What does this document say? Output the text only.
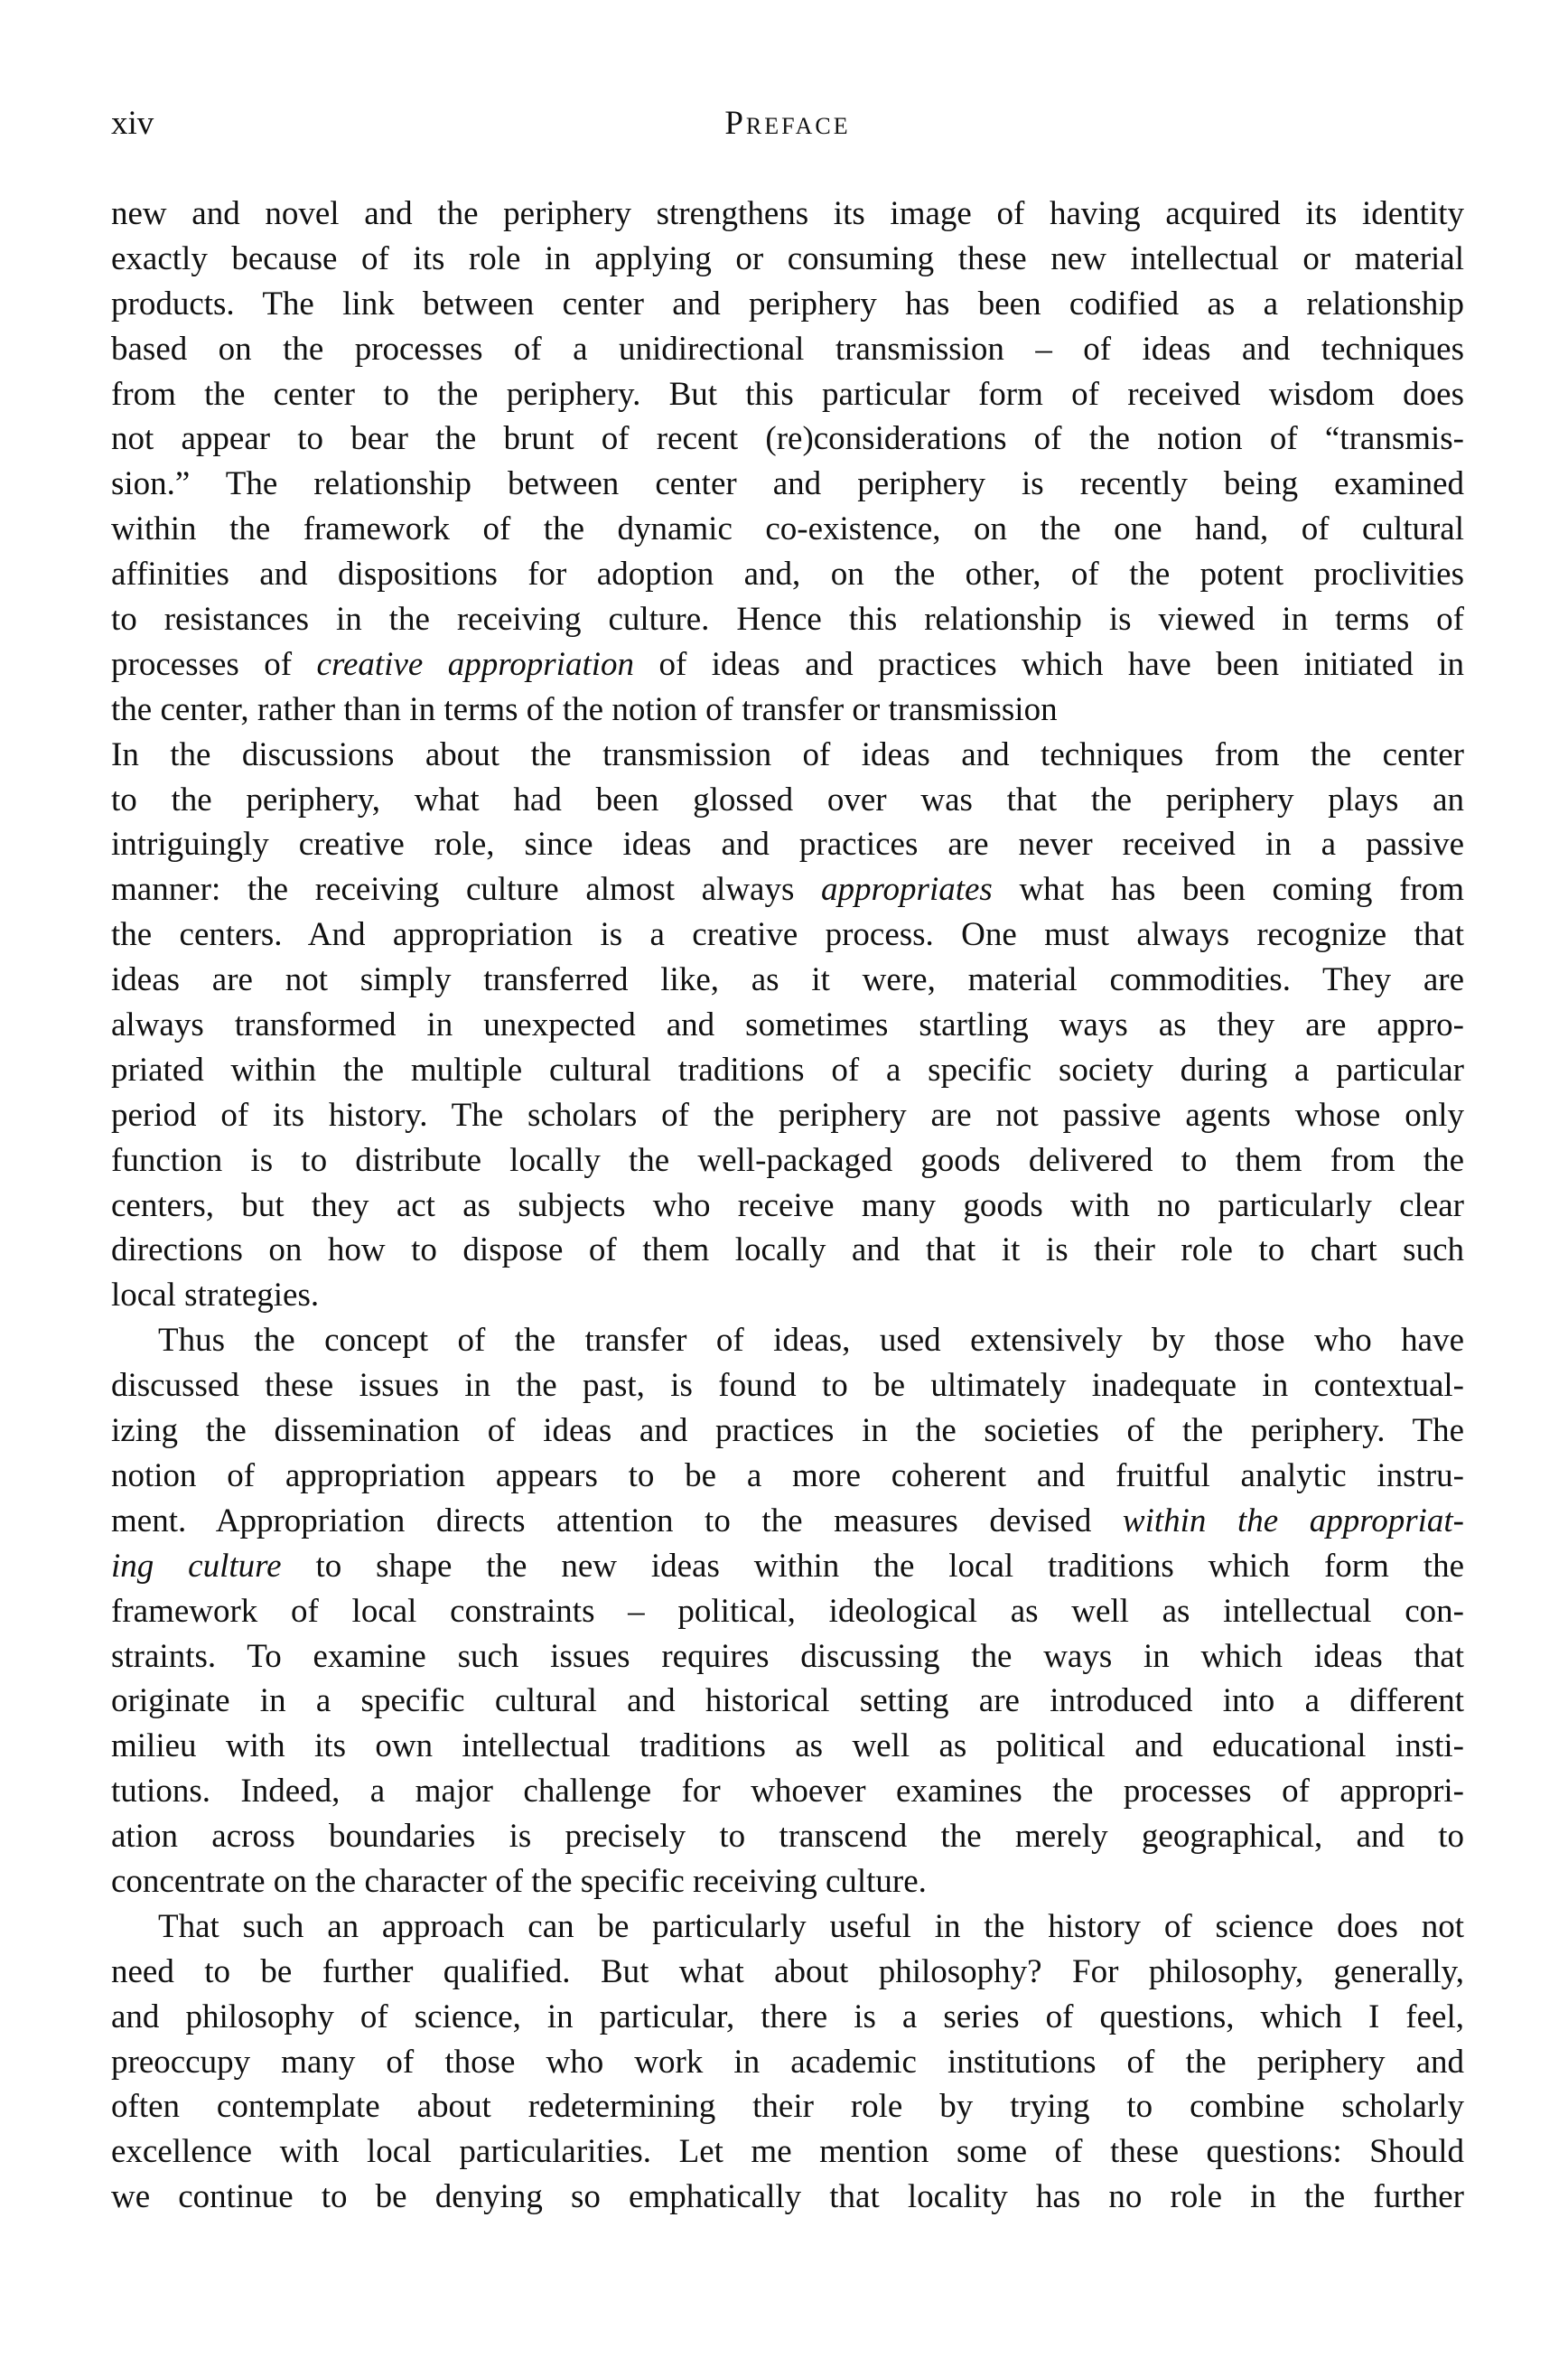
xiv	Preface
new and novel and the periphery strengthens its image of having acquired its identity
exactly because of its role in applying or consuming these new intellectual or material
products. The link between center and periphery has been codified as a relationship
based on the processes of a unidirectional transmission – of ideas and techniques
from the center to the periphery. But this particular form of received wisdom does
not appear to bear the brunt of recent (re)considerations of the notion of “transmis-
sion.” The relationship between center and periphery is recently being examined
within the framework of the dynamic co-existence, on the one hand, of cultural
affinities and dispositions for adoption and, on the other, of the potent proclivities
to resistances in the receiving culture. Hence this relationship is viewed in terms of
processes of creative appropriation of ideas and practices which have been initiated in
the center, rather than in terms of the notion of transfer or transmission
In the discussions about the transmission of ideas and techniques from the center
to the periphery, what had been glossed over was that the periphery plays an
intriguingly creative role, since ideas and practices are never received in a passive
manner: the receiving culture almost always appropriates what has been coming from
the centers. And appropriation is a creative process. One must always recognize that
ideas are not simply transferred like, as it were, material commodities. They are
always transformed in unexpected and sometimes startling ways as they are appro-
priated within the multiple cultural traditions of a specific society during a particular
period of its history. The scholars of the periphery are not passive agents whose only
function is to distribute locally the well-packaged goods delivered to them from the
centers, but they act as subjects who receive many goods with no particularly clear
directions on how to dispose of them locally and that it is their role to chart such
local strategies.
Thus the concept of the transfer of ideas, used extensively by those who have
discussed these issues in the past, is found to be ultimately inadequate in contextual-
izing the dissemination of ideas and practices in the societies of the periphery. The
notion of appropriation appears to be a more coherent and fruitful analytic instru-
ment. Appropriation directs attention to the measures devised within the appropriat-
ing culture to shape the new ideas within the local traditions which form the
framework of local constraints – political, ideological as well as intellectual con-
straints. To examine such issues requires discussing the ways in which ideas that
originate in a specific cultural and historical setting are introduced into a different
milieu with its own intellectual traditions as well as political and educational insti-
tutions. Indeed, a major challenge for whoever examines the processes of appropri-
ation across boundaries is precisely to transcend the merely geographical, and to
concentrate on the character of the specific receiving culture.
That such an approach can be particularly useful in the history of science does not
need to be further qualified. But what about philosophy? For philosophy, generally,
and philosophy of science, in particular, there is a series of questions, which I feel,
preoccupy many of those who work in academic institutions of the periphery and
often contemplate about redetermining their role by trying to combine scholarly
excellence with local particularities. Let me mention some of these questions: Should
we continue to be denying so emphatically that locality has no role in the further
